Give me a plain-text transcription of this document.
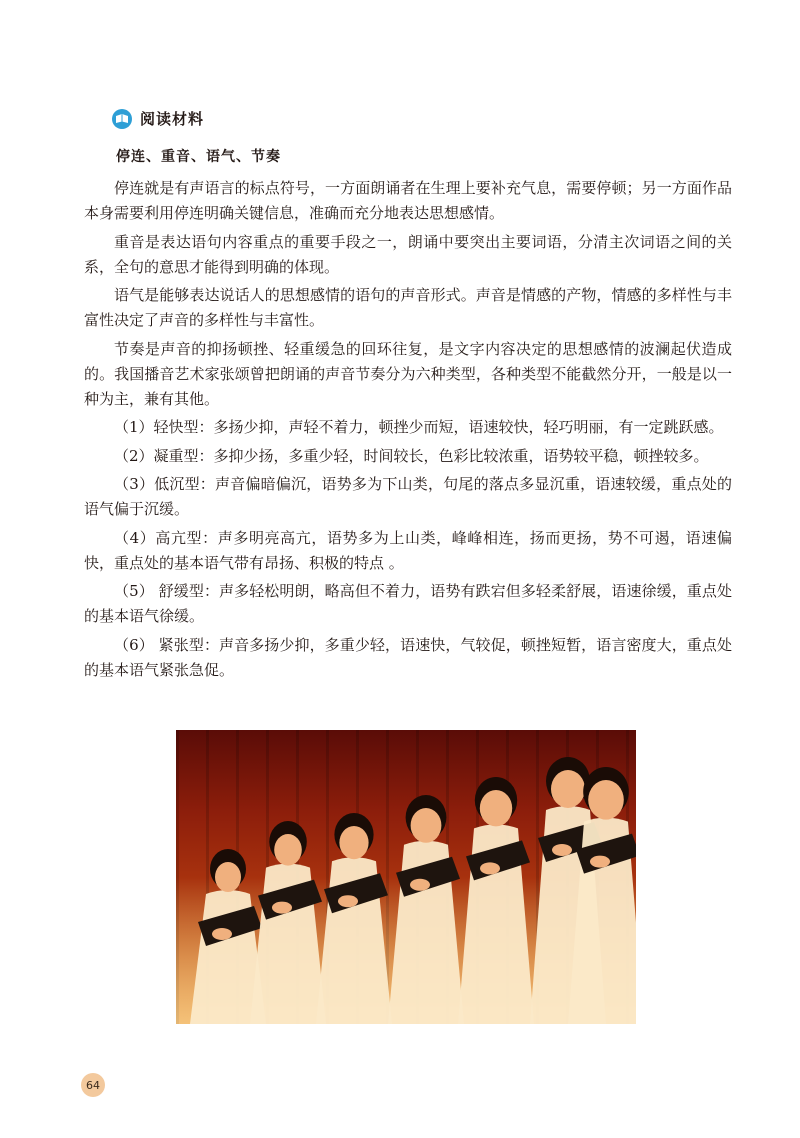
阅读材料
停连、重音、语气、节奏

停连就是有声语言的标点符号，一方面朗诵者在生理上要补充气息，需要停顿；另一方面作品本身需要利用停连明确关键信息，准确而充分地表达思想感情。

重音是表达语句内容重点的重要手段之一，朗诵中要突出主要词语，分清主次词语之间的关系，全句的意思才能得到明确的体现。

语气是能够表达说话人的思想感情的语句的声音形式。声音是情感的产物，情感的多样性与丰富性决定了声音的多样性与丰富性。

节奏是声音的抑扬顿挫、轻重缓急的回环往复，是文字内容决定的思想感情的波澜起伏造成的。我国播音艺术家张颂曾把朗诵的声音节奏分为六种类型，各种类型不能截然分开，一般是以一种为主，兼有其他。

（1）轻快型：多扬少抑，声轻不着力，顿挫少而短，语速较快，轻巧明丽，有一定跳跃感。

（2）凝重型：多抑少扬，多重少轻，时间较长，色彩比较浓重，语势较平稳，顿挫较多。

（3）低沉型：声音偏暗偏沉，语势多为下山类，句尾的落点多显沉重，语速较缓，重点处的语气偏于沉缓。

（4）高亢型：声多明亮高亢，语势多为上山类，峰峰相连，扬而更扬，势不可遏，语速偏快，重点处的基本语气带有昂扬、积极的特点 。

（5） 舒缓型：声多轻松明朗，略高但不着力，语势有跌宕但多轻柔舒展，语速徐缓，重点处的基本语气徐缓。

（6） 紧张型：声音多扬少抑，多重少轻，语速快，气较促，顿挫短暂，语言密度大，重点处的基本语气紧张急促。

64
